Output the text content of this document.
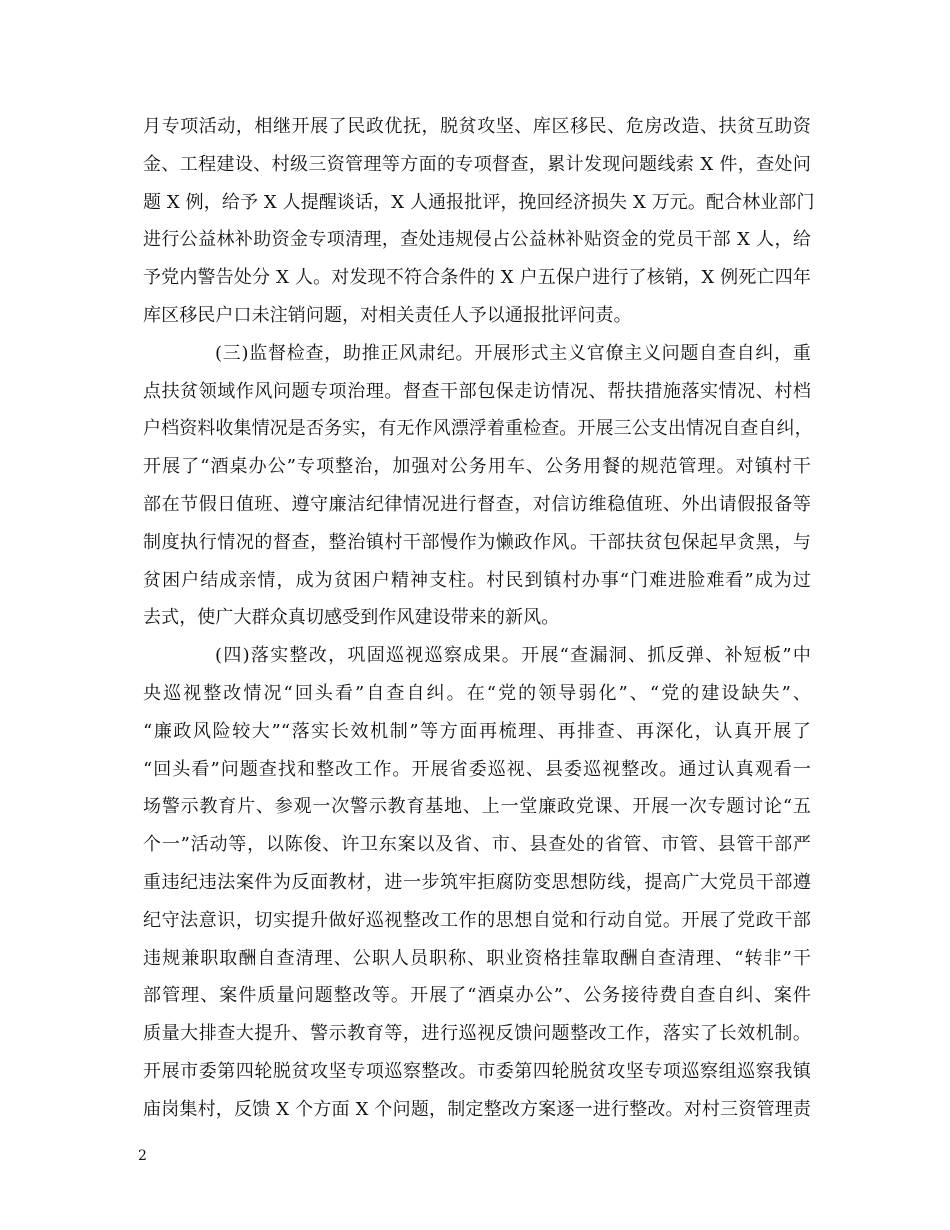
月专项活动，相继开展了民政优抚，脱贫攻坚、库区移民、危房改造、扶贫互助资
金、工程建设、村级三资管理等方面的专项督查，累计发现问题线索 X 件，查处问
题 X 例，给予 X 人提醒谈话，X 人通报批评，挽回经济损失 X 万元。配合林业部门
进行公益林补助资金专项清理，查处违规侵占公益林补贴资金的党员干部 X 人，给
予党内警告处分 X 人。对发现不符合条件的 X 户五保户进行了核销，X 例死亡四年
库区移民户口未注销问题，对相关责任人予以通报批评问责。
(三)监督检查，助推正风肃纪。开展形式主义官僚主义问题自查自纠，重
点扶贫领域作风问题专项治理。督查干部包保走访情况、帮扶措施落实情况、村档
户档资料收集情况是否务实，有无作风漂浮着重检查。开展三公支出情况自查自纠，
开展了“酒桌办公”专项整治，加强对公务用车、公务用餐的规范管理。对镇村干
部在节假日值班、遵守廉洁纪律情况进行督查，对信访维稳值班、外出请假报备等
制度执行情况的督查，整治镇村干部慢作为懒政作风。干部扶贫包保起早贪黑，与
贫困户结成亲情，成为贫困户精神支柱。村民到镇村办事“门难进脸难看”成为过
去式，使广大群众真切感受到作风建设带来的新风。
(四)落实整改，巩固巡视巡察成果。开展“查漏洞、抓反弹、补短板”中
央巡视整改情况“回头看”自查自纠。在“党的领导弱化”、“党的建设缺失”、
“廉政风险较大”“落实长效机制”等方面再梳理、再排查、再深化，认真开展了
“回头看”问题查找和整改工作。开展省委巡视、县委巡视整改。通过认真观看一
场警示教育片、参观一次警示教育基地、上一堂廉政党课、开展一次专题讨论“五
个一”活动等，以陈俊、许卫东案以及省、市、县查处的省管、市管、县管干部严
重违纪违法案件为反面教材，进一步筑牢拒腐防变思想防线，提高广大党员干部遵
纪守法意识，切实提升做好巡视整改工作的思想自觉和行动自觉。开展了党政干部
违规兼职取酬自查清理、公职人员职称、职业资格挂靠取酬自查清理、“转非”干
部管理、案件质量问题整改等。开展了“酒桌办公”、公务接待费自查自纠、案件
质量大排查大提升、警示教育等，进行巡视反馈问题整改工作，落实了长效机制。
开展市委第四轮脱贫攻坚专项巡察整改。市委第四轮脱贫攻坚专项巡察组巡察我镇
庙岗集村，反馈 X 个方面 X 个问题，制定整改方案逐一进行整改。对村三资管理责
2
